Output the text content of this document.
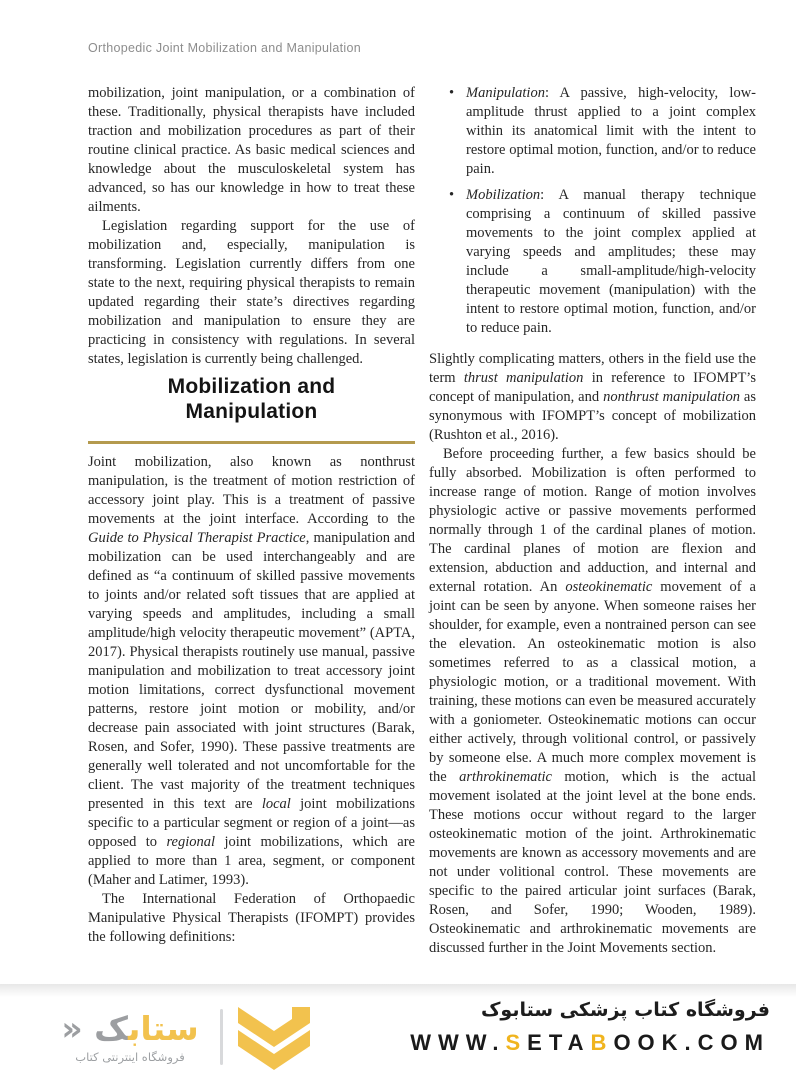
Orthopedic Joint Mobilization and Manipulation

mobilization, joint manipulation, or a combination of these. Traditionally, physical therapists have included traction and mobilization procedures as part of their routine clinical practice. As basic medical sciences and knowledge about the musculoskeletal system has advanced, so has our knowledge in how to treat these ailments.

Legislation regarding support for the use of mobilization and, especially, manipulation is transforming. Legislation currently differs from one state to the next, requiring physical therapists to remain updated regarding their state’s directives regarding mobilization and manipulation to ensure they are practicing in consistency with regulations. In several states, legislation is currently being challenged.

Mobilization and
Manipulation

Joint mobilization, also known as nonthrust manipulation, is the treatment of motion restriction of accessory joint play. This is a treatment of passive movements at the joint interface. According to the Guide to Physical Therapist Practice, manipulation and mobilization can be used interchangeably and are defined as “a continuum of skilled passive movements to joints and/or related soft tissues that are applied at varying speeds and amplitudes, including a small amplitude/high velocity therapeutic movement” (APTA, 2017). Physical therapists routinely use manual, passive manipulation and mobilization to treat accessory joint motion limitations, correct dysfunctional movement patterns, restore joint motion or mobility, and/or decrease pain associated with joint structures (Barak, Rosen, and Sofer, 1990). These passive treatments are generally well tolerated and not uncomfortable for the client. The vast majority of the treatment techniques presented in this text are local joint mobilizations specific to a particular segment or region of a joint—as opposed to regional joint mobilizations, which are applied to more than 1 area, segment, or component (Maher and Latimer, 1993).

The International Federation of Orthopaedic Manipulative Physical Therapists (IFOMPT) provides the following definitions:

• Manipulation: A passive, high-velocity, low-amplitude thrust applied to a joint complex within its anatomical limit with the intent to restore optimal motion, function, and/or to reduce pain.
• Mobilization: A manual therapy technique comprising a continuum of skilled passive movements to the joint complex applied at varying speeds and amplitudes; these may include a small-amplitude/high-velocity therapeutic movement (manipulation) with the intent to restore optimal motion, function, and/or to reduce pain.

Slightly complicating matters, others in the field use the term thrust manipulation in reference to IFOMPT’s concept of manipulation, and nonthrust manipulation as synonymous with IFOMPT’s concept of mobilization (Rushton et al., 2016).

Before proceeding further, a few basics should be fully absorbed. Mobilization is often performed to increase range of motion. Range of motion involves physiologic active or passive movements performed normally through 1 of the cardinal planes of motion. The cardinal planes of motion are flexion and extension, abduction and adduction, and internal and external rotation. An osteokinematic movement of a joint can be seen by anyone. When someone raises her shoulder, for example, even a nontrained person can see the elevation. An osteokinematic motion is also sometimes referred to as a classical motion, a physiologic motion, or a traditional movement. With training, these motions can even be measured accurately with a goniometer. Osteokinematic motions can occur either actively, through volitional control, or passively by someone else. A much more complex movement is the arthrokinematic motion, which is the actual movement isolated at the joint level at the bone ends. These motions occur without regard to the larger osteokinematic motion of the joint. Arthrokinematic movements are known as accessory movements and are not under volitional control. These movements are specific to the paired articular joint surfaces (Barak, Rosen, and Sofer, 1990; Wooden, 1989). Osteokinematic and arthrokinematic movements are discussed further in the Joint Movements section.

ستابک «
فروشگاه اینترنتی کتاب
فروشگاه کتاب پزشکی ستابوک
WWW.SETABOOK.COM
